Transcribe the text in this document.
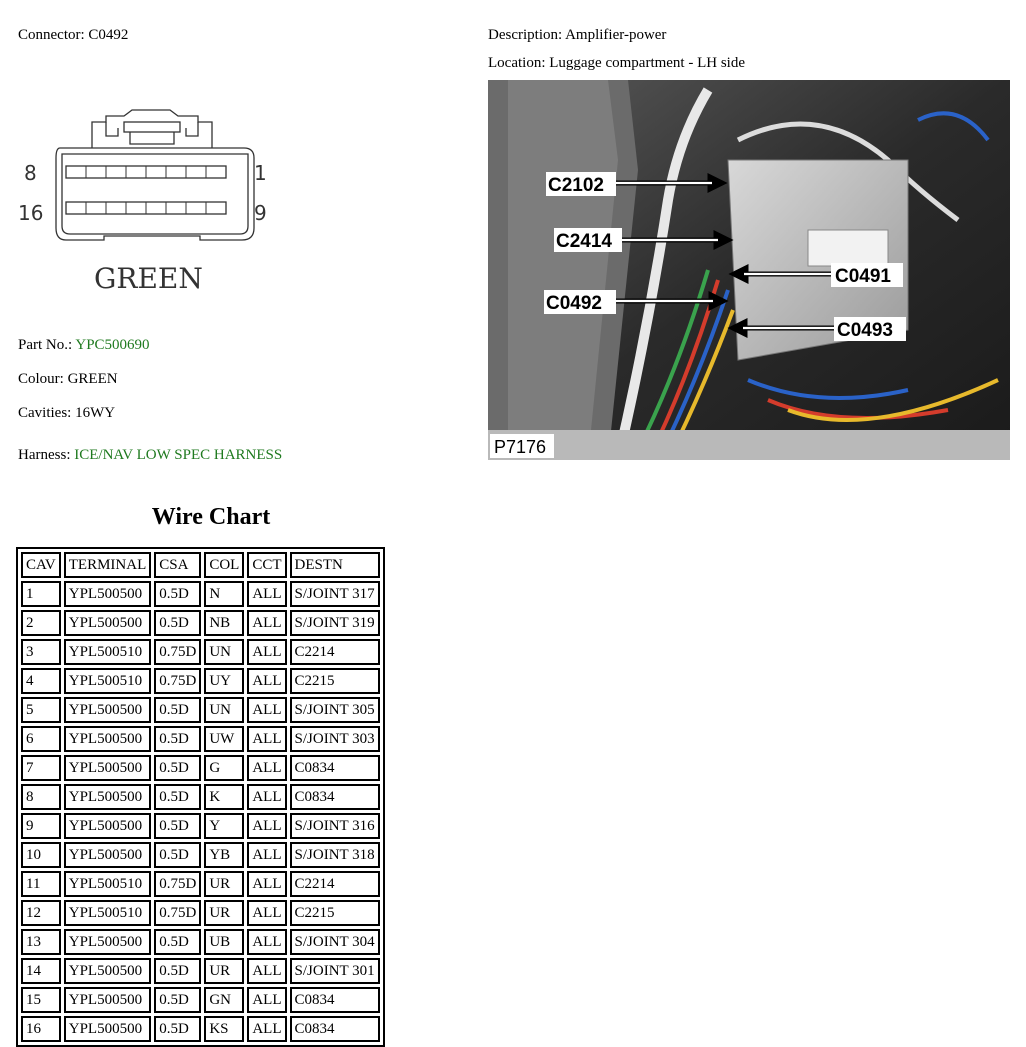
Connector: C0492
8	1
16	9
GREEN
Part No.: YPC500690
Colour: GREEN
Cavities: 16WY
Harness: ICE/NAV LOW SPEC HARNESS
Description: Amplifier-power
Location: Luggage compartment - LH side
C2102
C2414
C0491
C0492
C0493
P7176
Wire Chart
CAV	TERMINAL	CSA	COL	CCT	DESTN
1	YPL500500	0.5D	N	ALL	S/JOINT 317
2	YPL500500	0.5D	NB	ALL	S/JOINT 319
3	YPL500510	0.75D	UN	ALL	C2214
4	YPL500510	0.75D	UY	ALL	C2215
5	YPL500500	0.5D	UN	ALL	S/JOINT 305
6	YPL500500	0.5D	UW	ALL	S/JOINT 303
7	YPL500500	0.5D	G	ALL	C0834
8	YPL500500	0.5D	K	ALL	C0834
9	YPL500500	0.5D	Y	ALL	S/JOINT 316
10	YPL500500	0.5D	YB	ALL	S/JOINT 318
11	YPL500510	0.75D	UR	ALL	C2214
12	YPL500510	0.75D	UR	ALL	C2215
13	YPL500500	0.5D	UB	ALL	S/JOINT 304
14	YPL500500	0.5D	UR	ALL	S/JOINT 301
15	YPL500500	0.5D	GN	ALL	C0834
16	YPL500500	0.5D	KS	ALL	C0834
